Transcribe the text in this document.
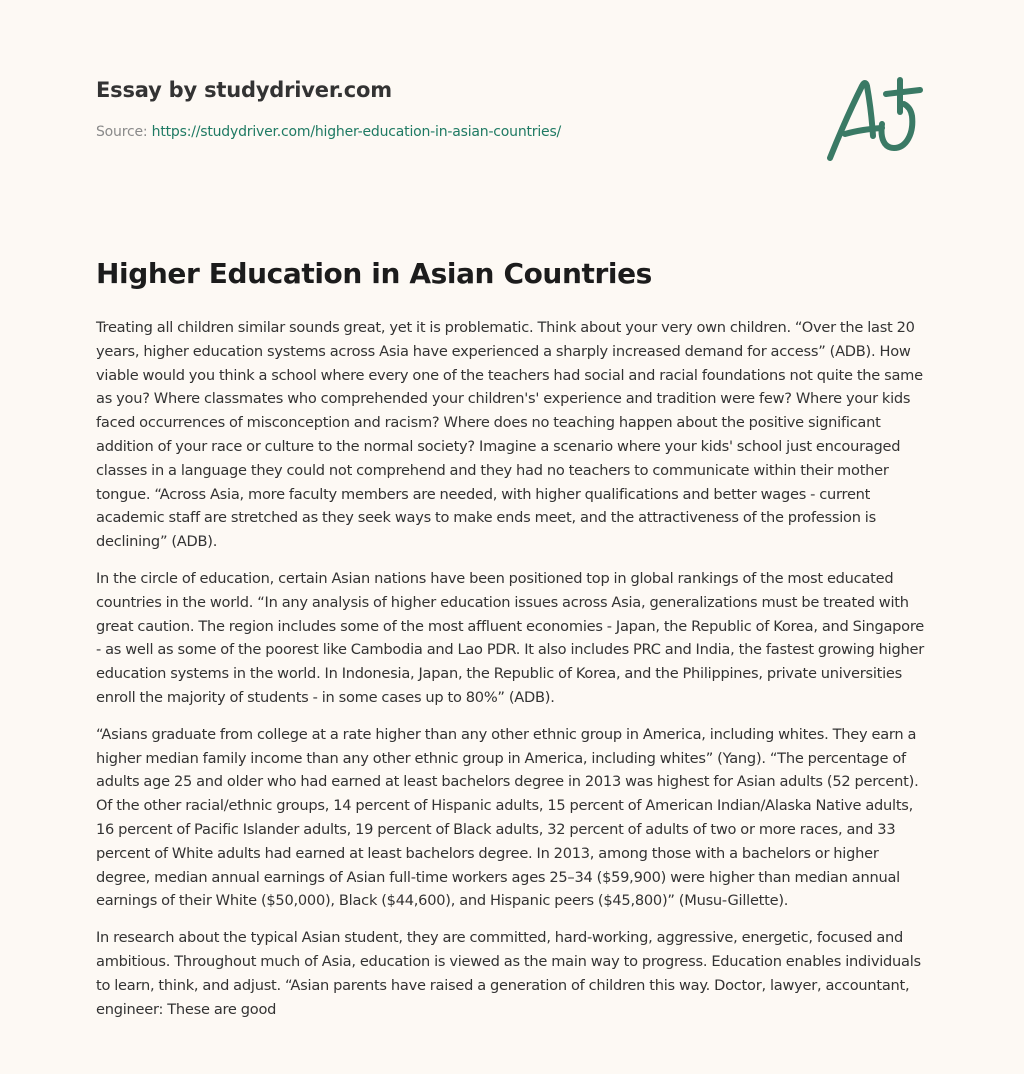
Essay by studydriver.com

Source: https://studydriver.com/higher-education-in-asian-countries/
Higher Education in Asian Countries

Treating all children similar sounds great, yet it is problematic. Think about your very own children. “Over the last 20 years, higher education systems across Asia have experienced a sharply increased demand for access” (ADB). How viable would you think a school where every one of the teachers had social and racial foundations not quite the same as you? Where classmates who comprehended your children's' experience and tradition were few? Where your kids faced occurrences of misconception and racism? Where does no teaching happen about the positive significant addition of your race or culture to the normal society? Imagine a scenario where your kids' school just encouraged classes in a language they could not comprehend and they had no teachers to communicate within their mother tongue. “Across Asia, more faculty members are needed, with higher qualifications and better wages - current academic staff are stretched as they seek ways to make ends meet, and the attractiveness of the profession is declining” (ADB).

In the circle of education, certain Asian nations have been positioned top in global rankings of the most educated countries in the world. “In any analysis of higher education issues across Asia, generalizations must be treated with great caution. The region includes some of the most affluent economies - Japan, the Republic of Korea, and Singapore - as well as some of the poorest like Cambodia and Lao PDR. It also includes PRC and India, the fastest growing higher education systems in the world. In Indonesia, Japan, the Republic of Korea, and the Philippines, private universities enroll the majority of students - in some cases up to 80%” (ADB).

“Asians graduate from college at a rate higher than any other ethnic group in America, including whites. They earn a higher median family income than any other ethnic group in America, including whites” (Yang). “The percentage of adults age 25 and older who had earned at least bachelors degree in 2013 was highest for Asian adults (52 percent). Of the other racial/ethnic groups, 14 percent of Hispanic adults, 15 percent of American Indian/Alaska Native adults, 16 percent of Pacific Islander adults, 19 percent of Black adults, 32 percent of adults of two or more races, and 33 percent of White adults had earned at least bachelors degree. In 2013, among those with a bachelors or higher degree, median annual earnings of Asian full-time workers ages 25–34 ($59,900) were higher than median annual earnings of their White ($50,000), Black ($44,600), and Hispanic peers ($45,800)” (Musu-Gillette).

In research about the typical Asian student, they are committed, hard-working, aggressive, energetic, focused and ambitious. Throughout much of Asia, education is viewed as the main way to progress. Education enables individuals to learn, think, and adjust. “Asian parents have raised a generation of children this way. Doctor, lawyer, accountant, engineer: These are good
